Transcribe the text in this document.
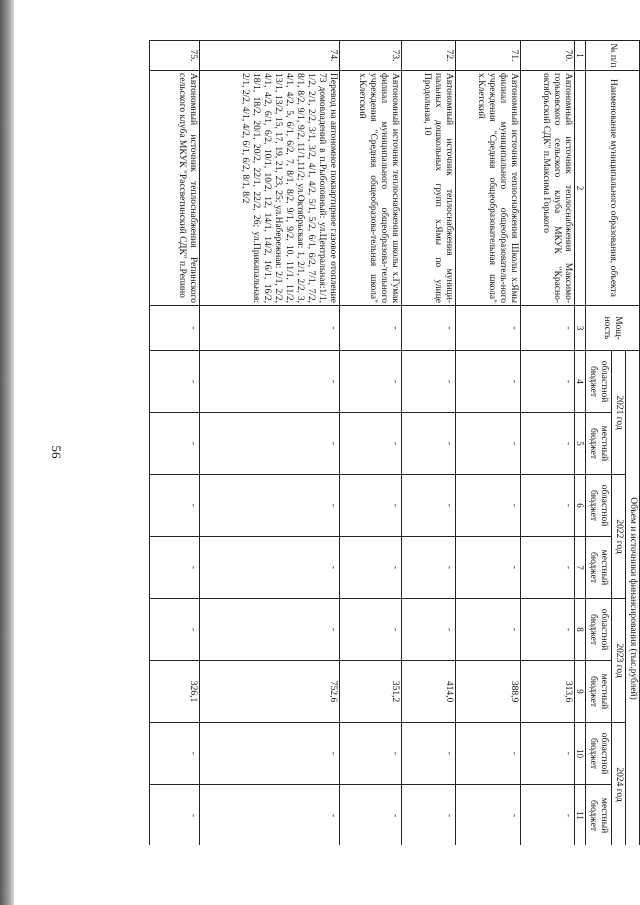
56
№ п/п	Наименование муниципального образования, объекта	Мощ-ность	Объем и источники финансирования (тыс.рублей)							
			2021 год		2022 год		2023 год		2024 год	
			областной бюджет	местный бюджет	областной бюджет	местный бюджет	областной бюджет	местный бюджет	областной бюджет	местный бюджет
1	2	3	4	5	6	7	8	9	10	11
70.	Автономный источник теплоснабжения Максимо-горьковского сельского клуба МКУК "Красно-октябрьский СДК" п.Максима Горького	-	-	-	-	-	-	313,6	-	-
71.	Автономный источник теплоснабжения Школы х.Ямы филиал муниципального общеобразователь-ного учреждения "Средняя общеобразовательная школа" х.Клетский	-	-	-	-	-	-	388,9	-	-
72.	Автономный источник теплоснабжения муници-пальных дошкольных групп х.Ямы по улице Продольная, 10	-	-	-	-	-	-	414,0	-	-
73.	Автономный источник теплоснабжения школы х.Гумак филиал муниципального общеобразова-тельного учреждения "Средняя общеобразова-тельная школа" х.Клетский	-	-	-	-	-	-	351,2	-	-
74.	Перевод на автономное поквартирное газовое отопление 73 домовладений в п.Рыболовный: ул.Центральная:1/1, 1/2, 2/1, 2/2, 3/1, 3/2, 4/1, 4/2, 5/1, 5/2, 6/1, 6/2, 7/1, 7/2, 8/1, 8/2, 9/1, 9/2, 11/1,11/2; ул.Октябрьская: 1, 2/1, 2/2, 3, 4/1, 4/2, 5, 6/1, 6/2, 7, 8/1, 8/2, 9/1, 9/2, 10, 11/1, 11/2, 13/1, 13/2, 15, 17, 19, 21, 23, 25; ул.Набережная: 2/1, 2/2, 4/1, 4/2, 6/1, 6/2, 10/1, 10/2, 12, 14/1, 14/2, 16/1, 16/2, 18/1, 18/2, 20/1, 20/2, 22/1, 22/2, 26; ул.Прикапальная: 2/1, 2/2, 4/1, 4/2, 6/1, 6/2, 8/1, 8/2	-	-	-	-	-	-	752,6	-	-
75.	Автономный источник теплоснабжения Репинского сельского клуба МКУК "Рассветинский СДК" п.Репино	-	-	-	-	-	-	326,1	-	-
